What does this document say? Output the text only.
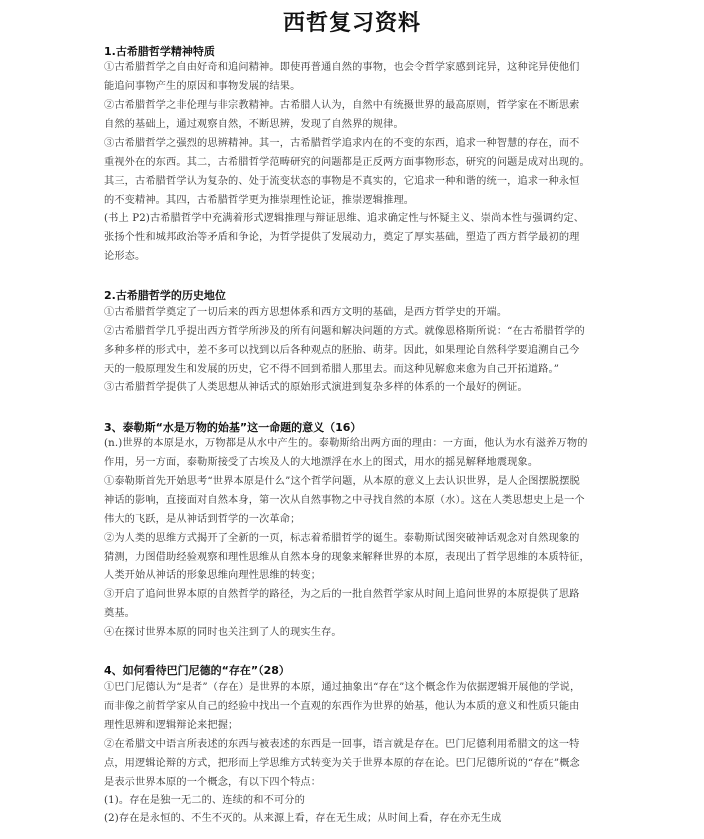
西哲复习资料
1.古希腊哲学精神特质
①古希腊哲学之自由好奇和追问精神。即使再普通自然的事物，也会令哲学家感到诧异，这种诧异使他们
能追问事物产生的原因和事物发展的结果。
②古希腊哲学之非伦理与非宗教精神。古希腊人认为，自然中有统摄世界的最高原则，哲学家在不断思索
自然的基础上，通过观察自然，不断思辨，发现了自然界的规律。
③古希腊哲学之强烈的思辨精神。其一，古希腊哲学追求内在的不变的东西，追求一种智慧的存在，而不
重视外在的东西。其二，古希腊哲学范畴研究的问题都是正反两方面事物形态，研究的问题是成对出现的。
其三，古希腊哲学认为复杂的、处于流变状态的事物是不真实的，它追求一种和谐的统一，追求一种永恒
的不变精神。其四，古希腊哲学更为推崇理性论证，推崇逻辑推理。
(书上 P2)古希腊哲学中充满着形式逻辑推理与辩证思维、追求确定性与怀疑主义、崇尚本性与强调约定、
张扬个性和城邦政治等矛盾和争论，为哲学提供了发展动力，奠定了厚实基础，塑造了西方哲学最初的理
论形态。
2.古希腊哲学的历史地位
①古希腊哲学奠定了一切后来的西方思想体系和西方文明的基础，是西方哲学史的开端。
②古希腊哲学几乎提出西方哲学所涉及的所有问题和解决问题的方式。就像恩格斯所说：“在古希腊哲学的
多种多样的形式中，差不多可以找到以后各种观点的胚胎、萌芽。因此，如果理论自然科学要追溯自己今
天的一般原理发生和发展的历史，它不得不回到希腊人那里去。而这种见解愈来愈为自己开拓道路。”
③古希腊哲学提供了人类思想从神话式的原始形式演进到复杂多样的体系的一个最好的例证。
3、泰勒斯“水是万物的始基”这一命题的意义（16）
(n.)世界的本原是水，万物都是从水中产生的。泰勒斯给出两方面的理由：一方面，他认为水有滋养万物的
作用，另一方面，泰勒斯接受了古埃及人的大地漂浮在水上的图式，用水的摇晃解释地震现象。
①泰勒斯首先开始思考“世界本原是什么”这个哲学问题，从本原的意义上去认识世界，是人企图摆脱摆脱
神话的影响，直接面对自然本身，第一次从自然事物之中寻找自然的本原（水）。这在人类思想史上是一个
伟大的飞跃，是从神话到哲学的一次革命；
②为人类的思维方式揭开了全新的一页，标志着希腊哲学的诞生。泰勒斯试图突破神话观念对自然现象的
猜测，力图借助经验观察和理性思维从自然本身的现象来解释世界的本原，表现出了哲学思维的本质特征，
人类开始从神话的形象思维向理性思维的转变；
③开启了追问世界本原的自然哲学的路径，为之后的一批自然哲学家从时间上追问世界的本原提供了思路
奠基。
④在探讨世界本原的同时也关注到了人的现实生存。
4、如何看待巴门尼德的“存在”（28）
①巴门尼德认为“是者”（存在）是世界的本原，通过抽象出“存在”这个概念作为依据逻辑开展他的学说，
而非像之前哲学家从自己的经验中找出一个直观的东西作为世界的始基，他认为本质的意义和性质只能由
理性思辨和逻辑辩论来把握；
②在希腊文中语言所表述的东西与被表述的东西是一回事，语言就是存在。巴门尼德利用希腊文的这一特
点，用逻辑论辩的方式，把形而上学思维方式转变为关于世界本原的存在论。巴门尼德所说的“存在”概念
是表示世界本原的一个概念，有以下四个特点：
(1)。存在是独一无二的、连续的和不可分的
(2)存在是永恒的、不生不灭的。从来源上看，存在无生成；从时间上看，存在亦无生成
